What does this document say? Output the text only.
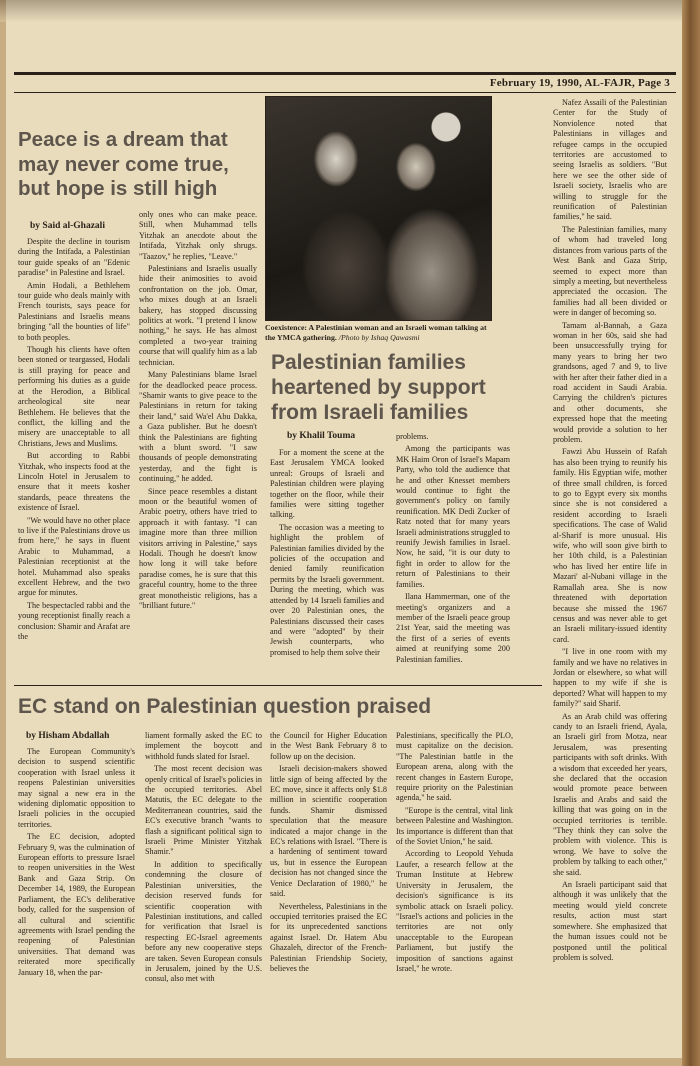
February 19, 1990, AL-FAJR, Page 3
Peace is a dream that may never come true, but hope is still high
by Said al-Ghazali

Despite the decline in tourism during the Intifada, a Palestinian tour guide speaks of an "Edenic paradise" in Palestine and Israel.

Amin Hodali, a Bethlehem tour guide who deals mainly with French tourists, says peace for Palestinians and Israelis means bringing "all the bounties of life" to both peoples.

Though his clients have often been stoned or teargassed, Hodali is still praying for peace and performing his duties as a guide at the Herodion, a Biblical archeological site near Bethlehem. He believes that the conflict, the killing and the misery are unacceptable to all Christians, Jews and Muslims.

But according to Rabbi Yitzhak, who inspects food at the Lincoln Hotel in Jerusalem to ensure that it meets kosher standards, peace threatens the existence of Israel.

"We would have no other place to live if the Palestinians drove us from here," he says in fluent Arabic to Muhammad, a Palestinian receptionist at the hotel. Muhammad also speaks excellent Hebrew, and the two argue for minutes.

The bespectacled rabbi and the young receptionist finally reach a conclusion: Shamir and Arafat are the

only ones who can make peace. Still, when Muhammad tells Yitzhak an anecdote about the Intifada, Yitzhak only shrugs. "Taazov," he replies, "Leave."

Palestinians and Israelis usually hide their animosities to avoid confrontation on the job. Omar, who mixes dough at an Israeli bakery, has stopped discussing politics at work. "I pretend I know nothing," he says. He has almost completed a two-year training course that will qualify him as a lab technician.

Many Palestinians blame Israel for the deadlocked peace process. "Shamir wants to give peace to the Palestinians in return for taking their land," said Wa'el Abu Dakka, a Gaza publisher. But he doesn't think the Palestinians are fighting with a blunt sword. "I saw thousands of people demonstrating yesterday, and the fight is continuing," he added.

Since peace resembles a distant moon or the beautiful women of Arabic poetry, others have tried to approach it with fantasy. "I can imagine more than three million visitors arriving in Palestine," says Hodali. Though he doesn't know how long it will take before paradise comes, he is sure that this graceful country, home to the three great monotheistic religions, has a "brilliant future."

Coexistence: A Palestinian woman and an Israeli woman talking at the YMCA gathering. /Photo by Ishaq Qawasmi
Palestinian families heartened by support from Israeli families
by Khalil Touma

For a moment the scene at the East Jerusalem YMCA looked unreal: Groups of Israeli and Palestinian children were playing together on the floor, while their families were sitting together talking.

The occasion was a meeting to highlight the problem of Palestinian families divided by the policies of the occupation and denied family reunification permits by the Israeli government. During the meeting, which was attended by 14 Israeli families and over 20 Palestinian ones, the Palestinians discussed their cases and were "adopted" by their Jewish counterparts, who promised to help them solve their

problems.

Among the participants was MK Haim Oron of Israel's Mapam Party, who told the audience that he and other Knesset members would continue to fight the government's policy on family reunification. MK Dedi Zucker of Ratz noted that for many years Israeli administrations struggled to reunify Jewish families in Israel. Now, he said, "it is our duty to fight in order to allow for the return of Palestinians to their families.

Ilana Hammerman, one of the meeting's organizers and a member of the Israeli peace group 21st Year, said the meeting was the first of a series of events aimed at reunifying some 200 Palestinian families.

Nafez Assaili of the Palestinian Center for the Study of Nonviolence noted that Palestinians in villages and refugee camps in the occupied territories are accustomed to seeing Israelis as soldiers. "But here we see the other side of Israeli society, Israelis who are willing to struggle for the reunification of Palestinian families," he said.

The Palestinian families, many of whom had traveled long distances from various parts of the West Bank and Gaza Strip, seemed to expect more than simply a meeting, but nevertheless appreciated the occasion. The families had all been divided or were in danger of becoming so.

Tamam al-Bannah, a Gaza woman in her 60s, said she had been unsuccessfully trying for many years to bring her two grandsons, aged 7 and 9, to live with her after their father died in a road accident in Saudi Arabia. Carrying the children's pictures and other documents, she expressed hope that the meeting would provide a solution to her problem.

Fawzi Abu Hussein of Rafah has also been trying to reunify his family. His Egyptian wife, mother of three small children, is forced to go to Egypt every six months since she is not considered a resident according to Israeli specifications. The case of Walid al-Sharif is more unusual. His wife, who will soon give birth to her 10th child, is a Palestinian who has lived her entire life in Mazari' al-Nubani village in the Ramallah area. She is now threatened with deportation because she missed the 1967 census and was never able to get an Israeli military-issued identity card.

"I live in one room with my family and we have no relatives in Jordan or elsewhere, so what will happen to my wife if she is deported? What will happen to my family?" said Sharif.

As an Arab child was offering candy to an Israeli friend, Ayala, an Israeli girl from Motza, near Jerusalem, was presenting participants with soft drinks. With a wisdom that exceeded her years, she declared that the occasion would promote peace between Israelis and Arabs and said the killing that was going on in the occupied territories is terrible. "They think they can solve the problem with violence. This is wrong. We have to solve the problem by talking to each other," she said.

An Israeli participant said that although it was unlikely that the meeting would yield concrete results, action must start somewhere. She emphasized that the human issues could not be postponed until the political problem is solved.

EC stand on Palestinian question praised
by Hisham Abdallah

The European Community's decision to suspend scientific cooperation with Israel unless it reopens Palestinian universities may signal a new era in the widening diplomatic opposition to Israeli policies in the occupied territories.

The EC decision, adopted February 9, was the culmination of European efforts to pressure Israel to reopen universities in the West Bank and Gaza Strip. On December 14, 1989, the European Parliament, the EC's deliberative body, called for the suspension of all cultural and scientific agreements with Israel pending the reopening of Palestinian universities. That demand was reiterated more specifically January 18, when the par-

liament formally asked the EC to implement the boycott and withhold funds slated for Israel.

The most recent decision was openly critical of Israel's policies in the occupied territories. Abel Matutis, the EC delegate to the Mediterranean countries, said the EC's executive branch "wants to flash a significant political sign to Israeli Prime Minister Yitzhak Shamir."

In addition to specifically condemning the closure of Palestinian universities, the decision reserved funds for scientific cooperation with Palestinian institutions, and called for verification that Israel is respecting EC-Israel agreements before any new cooperative steps are taken. Seven European consuls in Jerusalem, joined by the U.S. consul, also met with

the Council for Higher Education in the West Bank February 8 to follow up on the decision.

Israeli decision-makers showed little sign of being affected by the EC move, since it affects only $1.8 million in scientific cooperation funds. Shamir dismissed speculation that the measure indicated a major change in the EC's relations with Israel. "There is a hardening of sentiment toward us, but in essence the European decision has not changed since the Venice Declaration of 1980," he said.

Nevertheless, Palestinians in the occupied territories praised the EC for its unprecedented sanctions against Israel. Dr. Hatem Abu Ghazaleh, director of the French-Palestinian Friendship Society, believes the

Palestinians, specifically the PLO, must capitalize on the decision. "The Palestinian battle in the European arena, along with the recent changes in Eastern Europe, require priority on the Palestinian agenda," he said.

"Europe is the central, vital link between Palestine and Washington. Its importance is different than that of the Soviet Union," he said.

According to Leopold Yehuda Laufer, a research fellow at the Truman Institute at Hebrew University in Jerusalem, the decision's significance is its symbolic attack on Israeli policy. "Israel's actions and policies in the territories are not only unacceptable to the European Parliament, but justify the imposition of sanctions against Israel," he wrote.
